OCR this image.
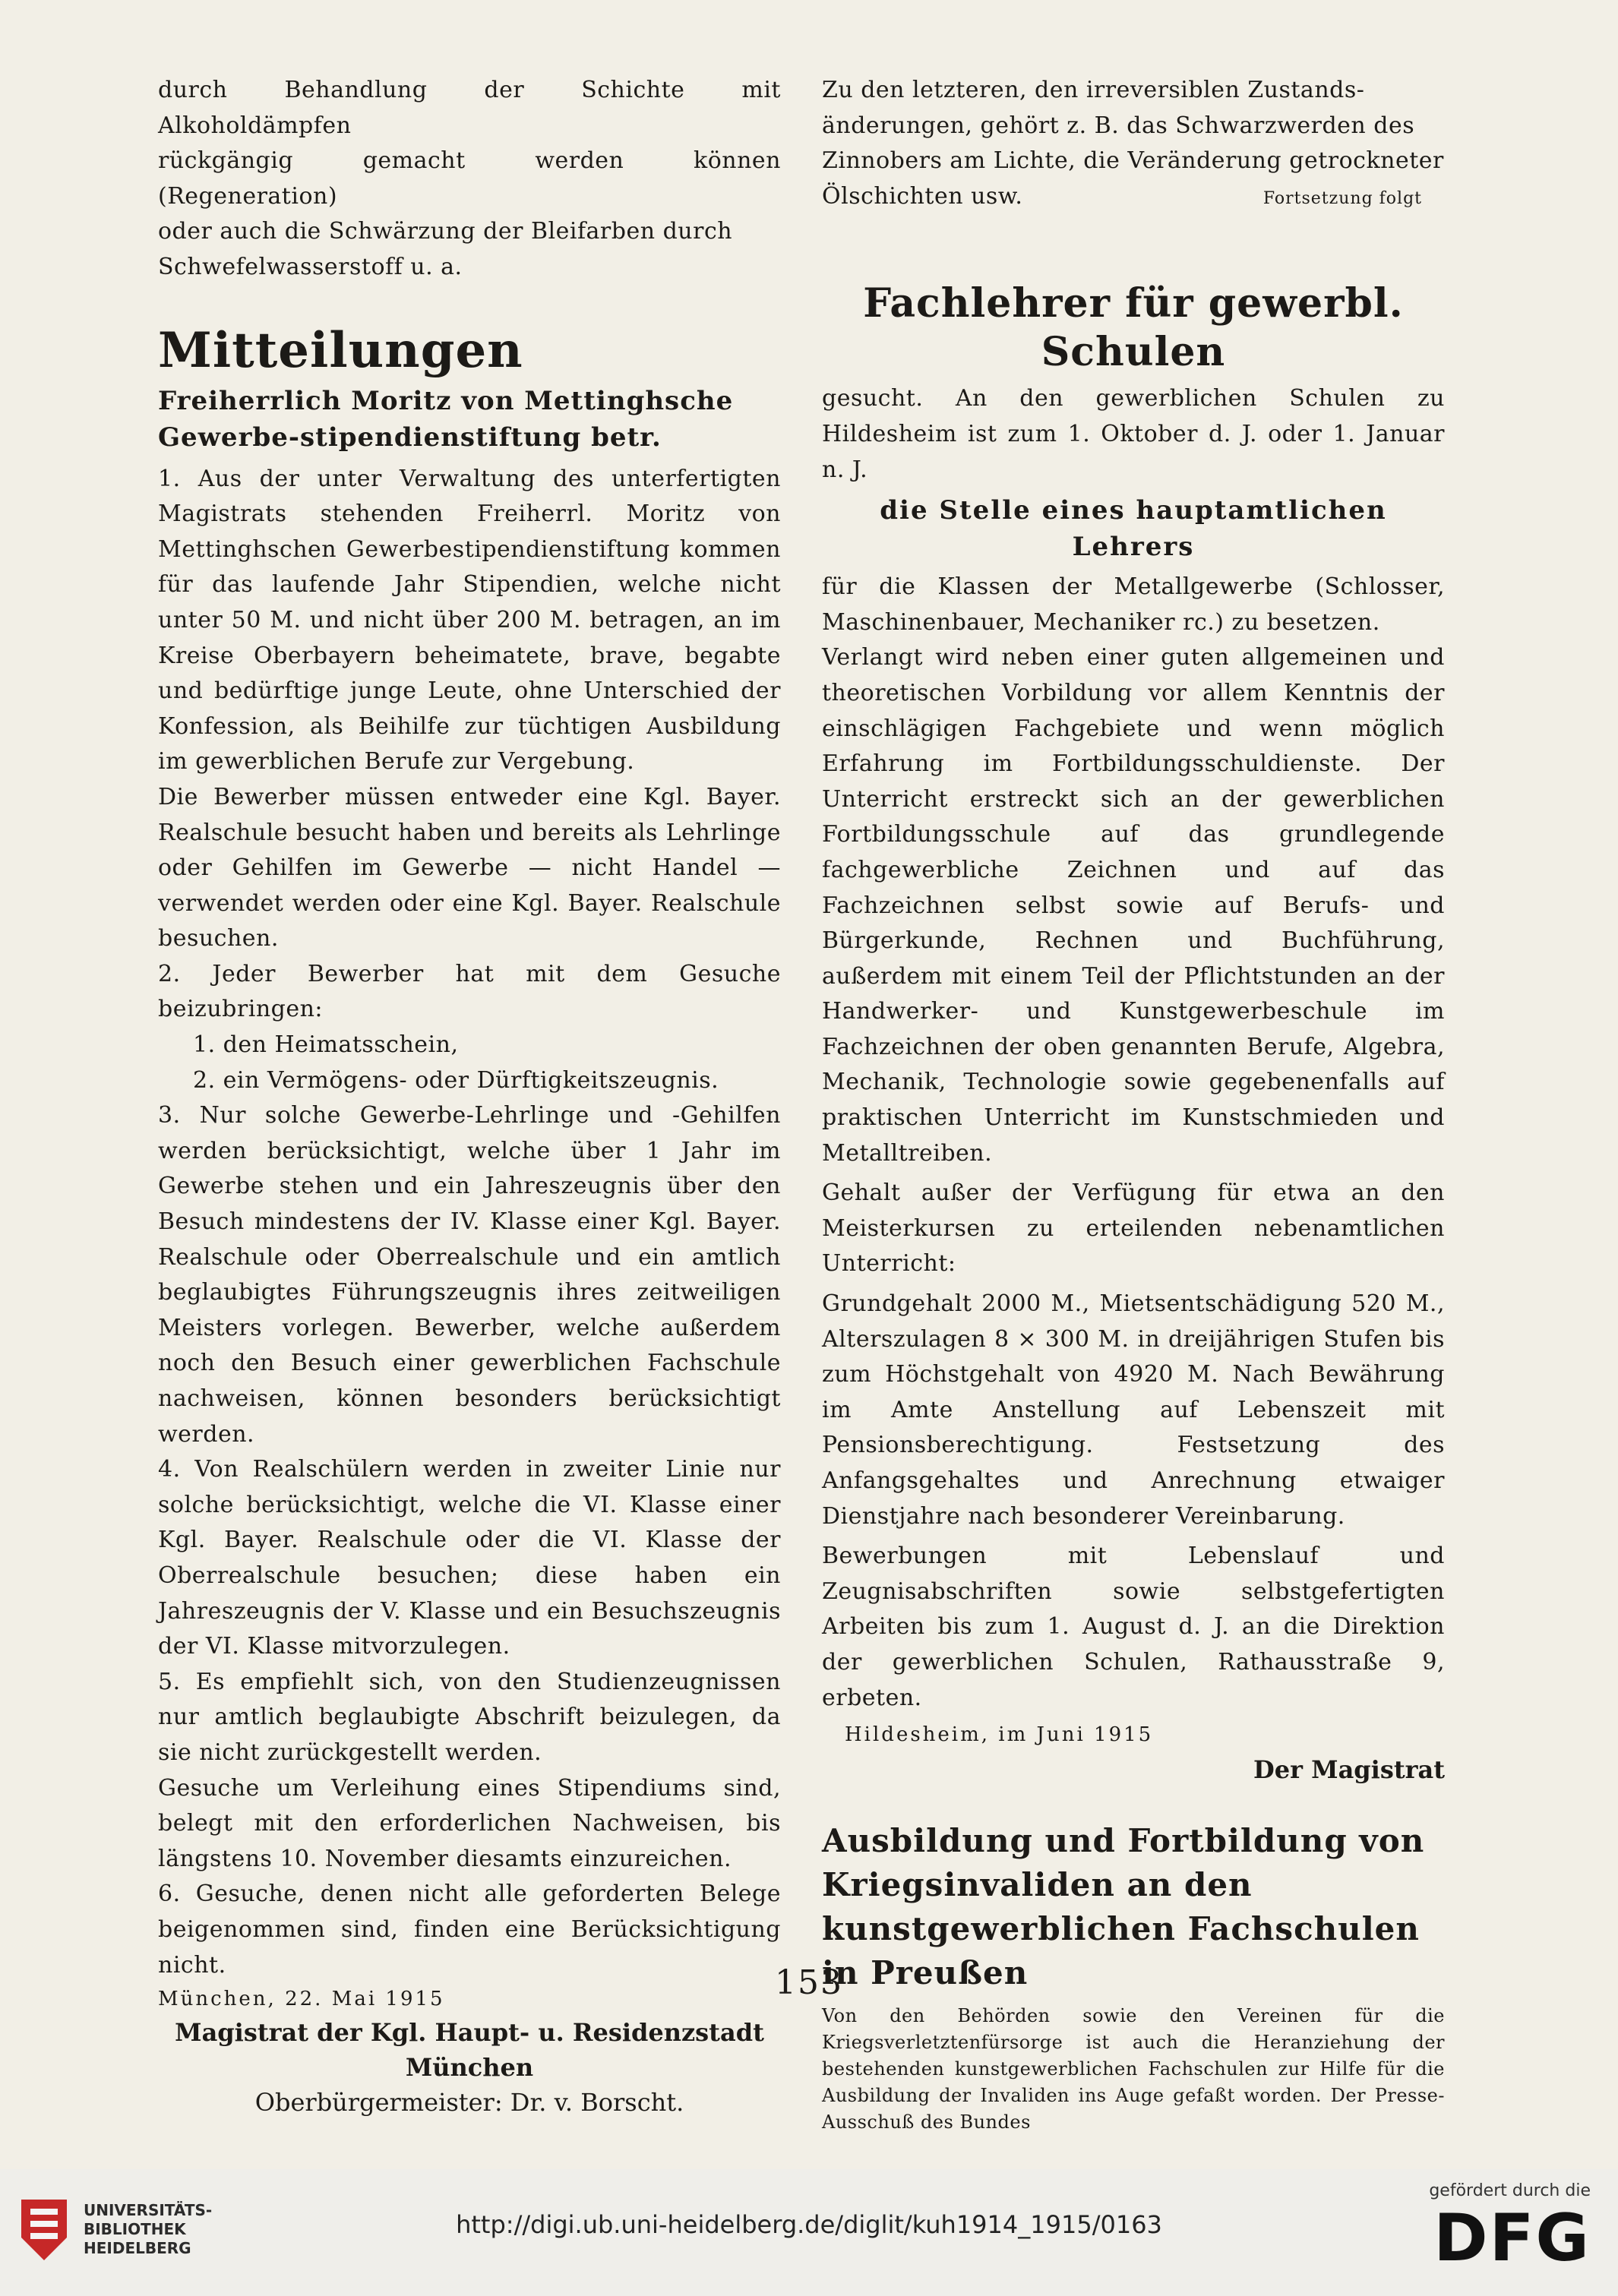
durch Behandlung der Schichte mit Alkoholdämpfen

rückgängig gemacht werden können (Regeneration)

oder auch die Schwärzung der Bleifarben durch

Schwefelwasserstoff u. a.

Mitteilungen
Freiherrlich Moritz von Mettinghsche Gewerbe-stipendienstiftung betr.

1. Aus der unter Verwaltung des unterfertigten Magistrats stehenden Freiherrl. Moritz von Mettinghschen Gewerbestipendienstiftung kommen für das laufende Jahr Stipendien, welche nicht unter 50 M. und nicht über 200 M. betragen, an im Kreise Oberbayern beheimatete, brave, begabte und bedürftige junge Leute, ohne Unterschied der Konfession, als Beihilfe zur tüchtigen Ausbildung im gewerblichen Berufe zur Vergebung.

Die Bewerber müssen entweder eine Kgl. Bayer. Realschule besucht haben und bereits als Lehrlinge oder Gehilfen im Gewerbe — nicht Handel — verwendet werden oder eine Kgl. Bayer. Realschule besuchen.

2. Jeder Bewerber hat mit dem Gesuche beizubringen:

1. den Heimatsschein,

2. ein Vermögens- oder Dürftigkeitszeugnis.

3. Nur solche Gewerbe-Lehrlinge und -Gehilfen werden berücksichtigt, welche über 1 Jahr im Gewerbe stehen und ein Jahreszeugnis über den Besuch mindestens der IV. Klasse einer Kgl. Bayer. Realschule oder Oberrealschule und ein amtlich beglaubigtes Führungszeugnis ihres zeitweiligen Meisters vorlegen. Bewerber, welche außerdem noch den Besuch einer gewerblichen Fachschule nachweisen, können besonders berücksichtigt werden.

4. Von Realschülern werden in zweiter Linie nur solche berücksichtigt, welche die VI. Klasse einer Kgl. Bayer. Realschule oder die VI. Klasse der Oberrealschule besuchen; diese haben ein Jahreszeugnis der V. Klasse und ein Besuchszeugnis der VI. Klasse mitvorzulegen.

5. Es empfiehlt sich, von den Studienzeugnissen nur amtlich beglaubigte Abschrift beizulegen, da sie nicht zurückgestellt werden.

Gesuche um Verleihung eines Stipendiums sind, belegt mit den erforderlichen Nachweisen, bis längstens 10. November diesamts einzureichen.

6. Gesuche, denen nicht alle geforderten Belege beigenommen sind, finden eine Berücksichtigung nicht.

München, 22. Mai 1915

Magistrat der Kgl. Haupt- u. Residenzstadt München

Oberbürgermeister: Dr. v. Borscht.

Zu den letzteren, den irreversiblen Zustands-

änderungen, gehört z. B. das Schwarzwerden des

Zinnobers am Lichte, die Veränderung getrockneter

Ölschichten usw.	Fortsetzung folgt
Fachlehrer für gewerbl. Schulen

gesucht. An den gewerblichen Schulen zu Hildesheim ist zum 1. Oktober d. J. oder 1. Januar n. J.

die Stelle eines hauptamtlichen Lehrers

für die Klassen der Metallgewerbe (Schlosser, Maschinenbauer, Mechaniker rc.) zu besetzen.

Verlangt wird neben einer guten allgemeinen und theoretischen Vorbildung vor allem Kenntnis der einschlägigen Fachgebiete und wenn möglich Erfahrung im Fortbildungsschuldienste. Der Unterricht erstreckt sich an der gewerblichen Fortbildungsschule auf das grundlegende fachgewerbliche Zeichnen und auf das Fachzeichnen selbst sowie auf Berufs- und Bürgerkunde, Rechnen und Buchführung, außerdem mit einem Teil der Pflichtstunden an der Handwerker- und Kunstgewerbeschule im Fachzeichnen der oben genannten Berufe, Algebra, Mechanik, Technologie sowie gegebenenfalls auf praktischen Unterricht im Kunstschmieden und Metalltreiben.

Gehalt außer der Verfügung für etwa an den Meisterkursen zu erteilenden nebenamtlichen Unterricht:

Grundgehalt 2000 M., Mietsentschädigung 520 M., Alterszulagen 8 × 300 M. in dreijährigen Stufen bis zum Höchstgehalt von 4920 M. Nach Bewährung im Amte Anstellung auf Lebenszeit mit Pensionsberechtigung. Festsetzung des Anfangsgehaltes und Anrechnung etwaiger Dienstjahre nach besonderer Vereinbarung.

Bewerbungen mit Lebenslauf und Zeugnisabschriften sowie selbstgefertigten Arbeiten bis zum 1. August d. J. an die Direktion der gewerblichen Schulen, Rathausstraße 9, erbeten.

Hildesheim, im Juni 1915

Der Magistrat

Ausbildung und Fortbildung von Kriegsinvaliden an den kunstgewerblichen Fachschulen in Preußen

Von den Behörden sowie den Vereinen für die Kriegsverletztenfürsorge ist auch die Heranziehung der bestehenden kunstgewerblichen Fachschulen zur Hilfe für die Ausbildung der Invaliden ins Auge gefaßt worden. Der Presse-Ausschuß des Bundes

153
UNIVERSITÄTS-
BIBLIOTHEK
HEIDELBERG
http://digi.ub.uni-heidelberg.de/diglit/kuh1914_1915/0163
gefördert durch die
DFG
